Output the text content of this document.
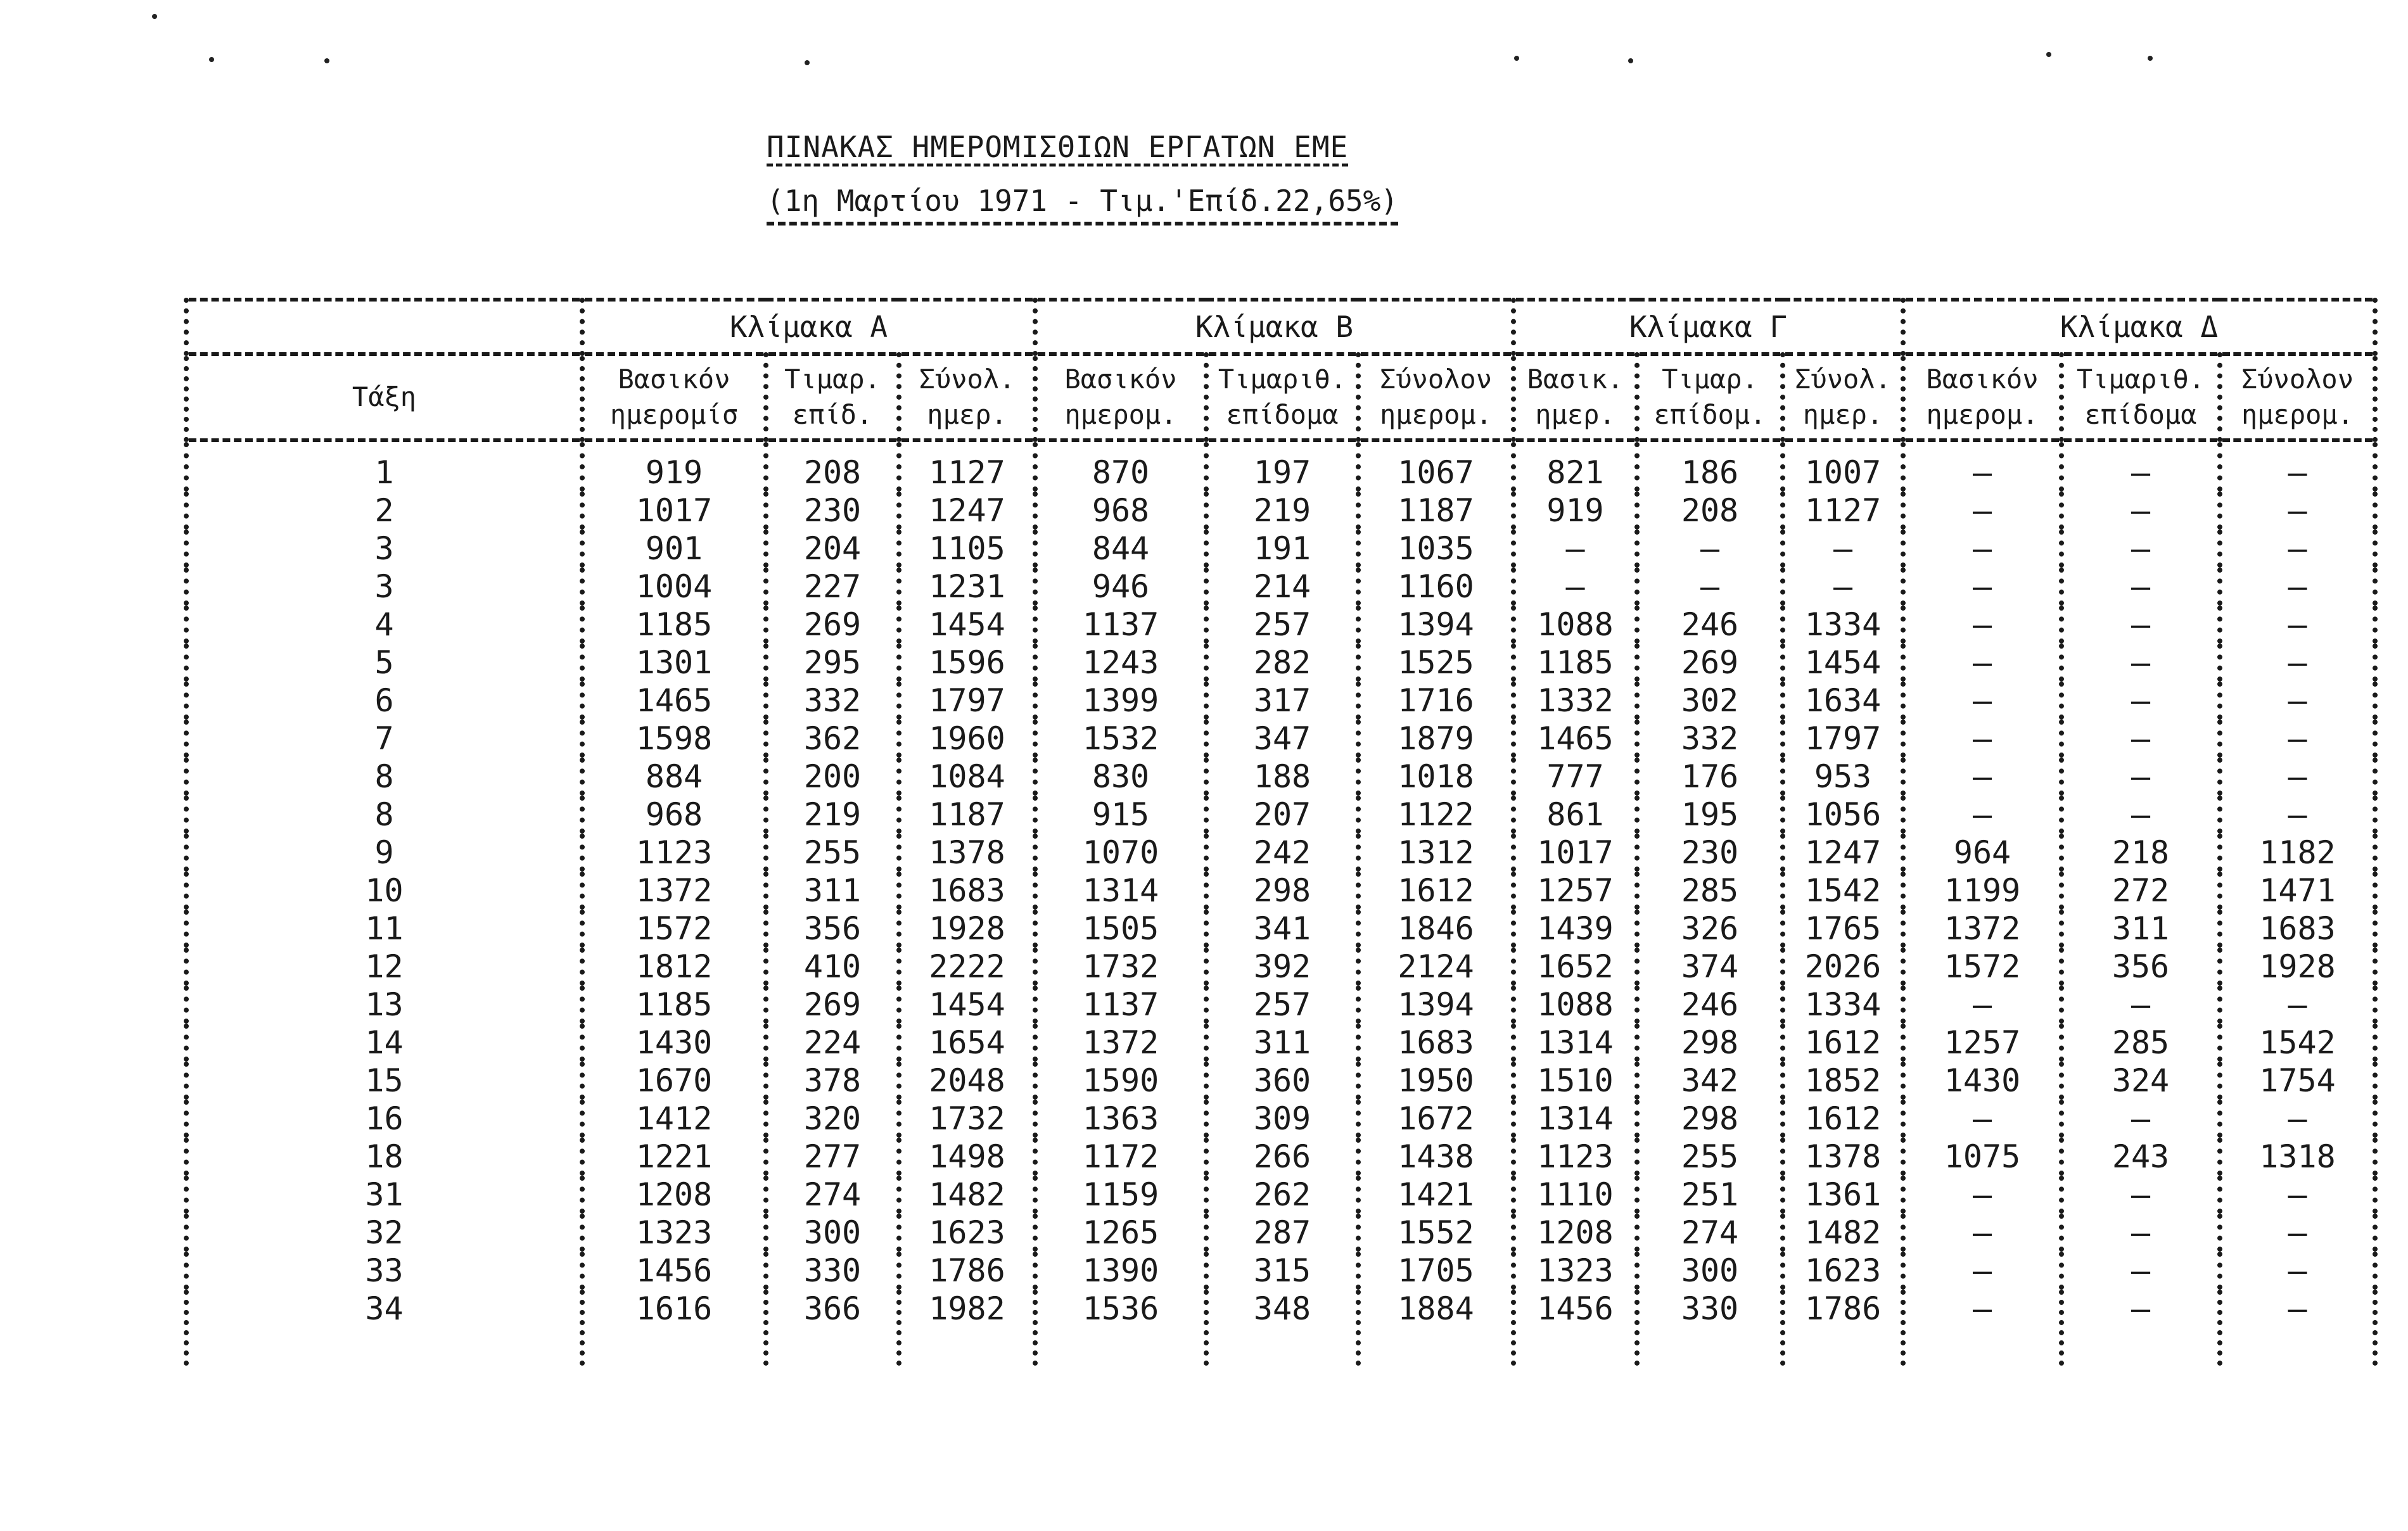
ΠΙΝΑΚΑΣ ΗΜΕΡΟΜΙΣΘΙΩΝ ΕΡΓΑΤΩΝ ΕΜΕ
(1η Μαρτίου 1971 - Τιμ.'Επίδ.22,65%)
	Κλίμακα Α			Κλίμακα Β			Κλίμακα Γ			Κλίμακα Δ		
Τάξη	Βασικόν ημερομίσ	Τιμαρ. επίδ.	Σύνολ. ημερ.	Βασικόν ημερομ.	Τιμαριθ. επίδομα	Σύνολον ημερομ.	Βασικ. ημερ.	Τιμαρ. επίδομ.	Σύνολ. ημερ.	Βασικόν ημερομ.	Τιμαριθ. επίδομα	Σύνολον ημερομ.
1	919	208	1127	870	197	1067	821	186	1007	–	–	–
2	1017	230	1247	968	219	1187	919	208	1127	–	–	–
3	901	204	1105	844	191	1035	–	–	–	–	–	–
3	1004	227	1231	946	214	1160	–	–	–	–	–	–
4	1185	269	1454	1137	257	1394	1088	246	1334	–	–	–
5	1301	295	1596	1243	282	1525	1185	269	1454	–	–	–
6	1465	332	1797	1399	317	1716	1332	302	1634	–	–	–
7	1598	362	1960	1532	347	1879	1465	332	1797	–	–	–
8	884	200	1084	830	188	1018	777	176	953	–	–	–
8	968	219	1187	915	207	1122	861	195	1056	–	–	–
9	1123	255	1378	1070	242	1312	1017	230	1247	964	218	1182
10	1372	311	1683	1314	298	1612	1257	285	1542	1199	272	1471
11	1572	356	1928	1505	341	1846	1439	326	1765	1372	311	1683
12	1812	410	2222	1732	392	2124	1652	374	2026	1572	356	1928
13	1185	269	1454	1137	257	1394	1088	246	1334	–	–	–
14	1430	224	1654	1372	311	1683	1314	298	1612	1257	285	1542
15	1670	378	2048	1590	360	1950	1510	342	1852	1430	324	1754
16	1412	320	1732	1363	309	1672	1314	298	1612	–	–	–
18	1221	277	1498	1172	266	1438	1123	255	1378	1075	243	1318
31	1208	274	1482	1159	262	1421	1110	251	1361	–	–	–
32	1323	300	1623	1265	287	1552	1208	274	1482	–	–	–
33	1456	330	1786	1390	315	1705	1323	300	1623	–	–	–
34	1616	366	1982	1536	348	1884	1456	330	1786	–	–	–
